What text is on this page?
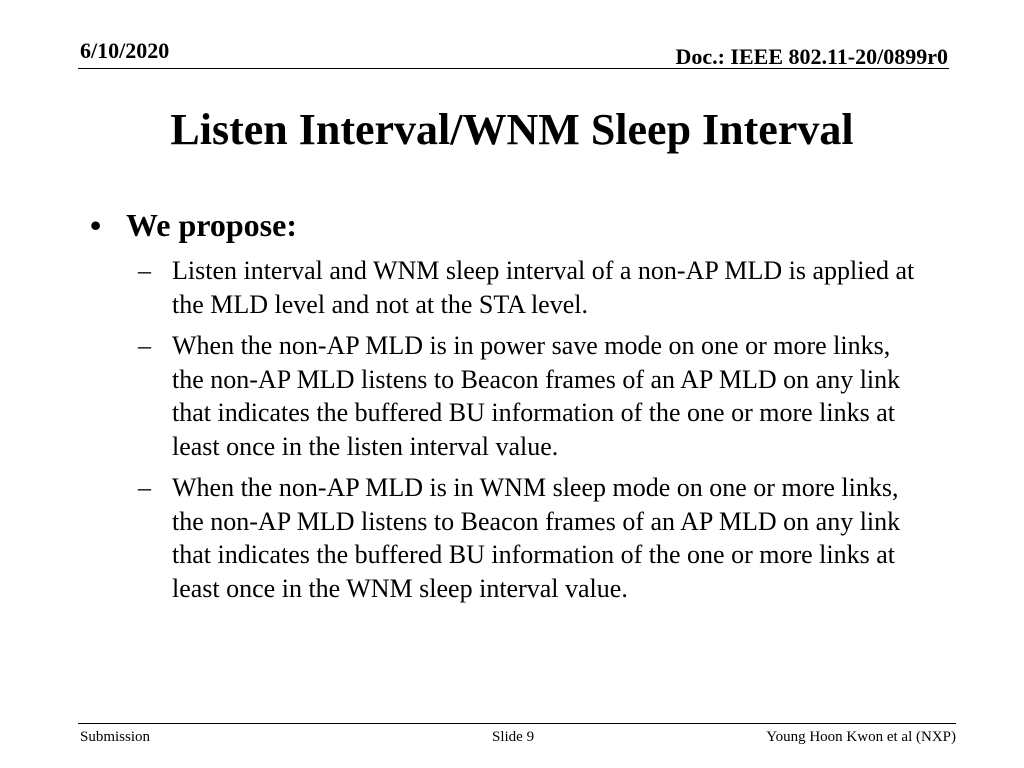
6/10/2020	Doc.: IEEE 802.11-20/0899r0
Listen Interval/WNM Sleep Interval
• We propose:
– Listen interval and WNM sleep interval of a non-AP MLD is applied at the MLD level and not at the STA level.
– When the non-AP MLD is in power save mode on one or more links, the non-AP MLD listens to Beacon frames of an AP MLD on any link that indicates the buffered BU information of the one or more links at least once in the listen interval value.
– When the non-AP MLD is in WNM sleep mode on one or more links, the non-AP MLD listens to Beacon frames of an AP MLD on any link that indicates the buffered BU information of the one or more links at least once in the WNM sleep interval value.
Submission	Slide 9	Young Hoon Kwon et al (NXP)
